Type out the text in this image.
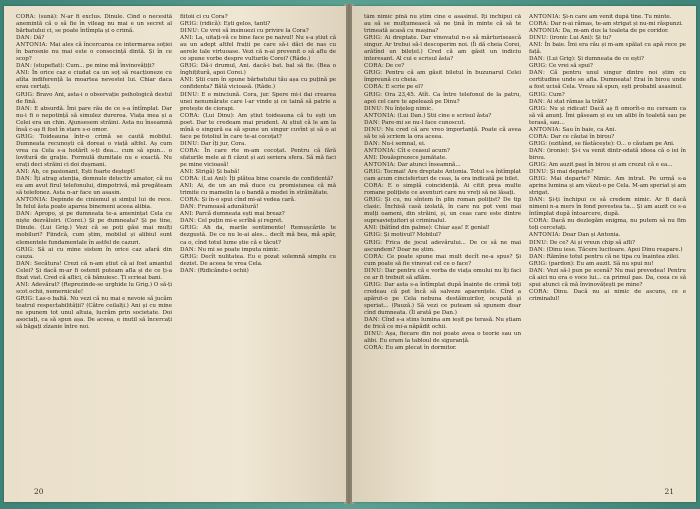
CORA: (sună): N-ar fi exclus. Dinule. Cînd o necesită anemintă că o să fie în vileag nu mai e un secret al bărbatului ci, se poate întîmpla și o crimă.

DAN: Dă?

ANTONIA: Mai ales că încercarea ce intermarea soției în barosnie nu mai este o consecință dintă. Și în ce scop?

DAN: (stupefiat): Cum... pe mine mă învinovățiți?

ANI: În orice caz e ciudat ca un soț să reacționeze cu atîta indiferență la moartea nevestei lui. Chiar daca erau certați.

GRIG: Bravo Ani, asta-i o observație psihologică destul de fină.

DAN: E absurdă. Îmi pare rău de ce s-a întîmplat. Dar nu-i fi o nepotință să simulez durerea. Viața mea și a Celei era un chin. Ajunsesem străini. Asta nu înseamnă însă c-aș fi fost în stare s-o omor.

GRIG: Toideauna într-o crimă se caută mobilul. Dumneata recunoști că doreai o viață altfel. Aș cum vrea ca Cela s-a hotărît s-ți dea... cum să spun... o lovitură de grație. Formulă dumitale nu e exactă. Nu erați deci străini ci doi dușmani.

ANI: Ah, ce pasionant, Ești foarte deștept!

DAN: Îți atrag atenția, domnule detectiv amator, că nu eu am avut firul telefonului, dimpotrivă, mă pregăteam să telefonez. Asta n-ar face un asasin.

ANTONIA: Depinde de cinismul și simțul lui de rece. În felul ăsta poate aparea binemeni aceea alibia.

DAN: Apropo, și pe dumneata te-a amenințat Cela cu niște dezvăluiri. (Corei.) Și pe dumneata? Și pe tine, Dinule. (Lui Grig.) Vezi că se poți găsi mai mulți mobiluri? Fiindcă, cum știm, mobilul și alibiul sunt elementele fundamentale în astfel de cazuri.

GRIG: Să ai cu mine sistem în orice caz afară din cauza.

DAN: Secătura! Crezi că n-am știut că ai fost amantul Celei? Și dacă m-ar fi ostenit puteam afla și de ce ți-a fixat viat. Cred că aflici, că bănuiesc. Ți scrieai bani.

ANI: Adevărat? (Reprezinde-se urghide lu Grig.) O să-ți scot ochii, nemernicule!

GRIG: Las-o baltă. Nu vezi că nu mai e nevoie să jucăm teatrul respectabilității? (Către ceilalți.) Ani și cu mine ne spunem tot unul altuia, lucrăm prin societate. Doi asociați, ca să spun așa. De aceea, e inutil să încercați să băgați zîzanie între noi.

fiitoii ci cu Cora?

GRIG: (ridică): Ești gelos, tanti?

DINU: Ce vrei să insinuezi cu privire la Cora?

ANI: La, uitați-vă ce bine face pe naivul! Nu s-a știut că au un adept altfel frații pe care să-i dăci de nas cu aerele tale virtuoase. Vezi că n-ai prevenit o să aflu de ce spune vorbe despre vulturile Corei? (Râde.)

GRIG: Dă-i drumul, Ani. dacă-i bat. bal să fie. (Bea o înghițitură, apoi Corei.)

ANI: Știi cum în spune bărbatului tău așa cu puțină pe confidenta? Bătă vicioasă. (Râde.)

DINU: E o minciună. Cora, jur. Spere mi-i dai crearea unei nenumărate care l-ar vinde și ce taină să patrie a pretește de ciorapi.

CORA: (Lui Dinu): Am știut toideauna că tu ești un poet. Dar te credeam mai prudent. Ai știut că le am la mînă o singură ea să spune un singur cuvînt și să o ai face pe fotoliul în care te-ai cocoțat?

DINU: Dar îți jur, Cora.

CORA: În care rte m-am cocoțat. Pentru că fără sfaturile mele ai fi căzut și azi seriera sfera. Să mă faci pe mine vicioasă!

ANI: Strigă) Și babă!

CORA: (Lui Ani): Îți plătea bine coarele de confidentă?

ANI: Ai, de un an mă duce cu promisiunea că mă trimite cu mamelin la o bandă a modei în străinătate.

CORA: Și în-o spui cînd mi-ai vedea cară.

DAN: Frumoasă adunătură!

ANI: Parcă dumneata ești mai breaz?

DAN: Cel puțin mi-e scrîbă și regret.

GRIG: Ah da, marile sentimente! Remușcările te dezgustă. De ce nu le-ai ales... decît mă bea, mă apăr, ca o, cînd totul lume știe că e tăcut?

DAN: Nu mi se poate imputa nimic.

GRIG: Decît nulitatea. Eu e pozat solemnă simplu cu dezist. De aceea te vrea Cela.

DAN: (Ridicăndu-i ochii)

20

tăm nimic pînă nu știm cine e asasinul. Iți închipui că au să se mulțumească să ne țină în minte că să te trimeată acasă cu mașina?

GRIG: Ai dreptate. Dar vinovatul n-o să mărturisească singur. Ar trebui să-l descoperim noi. (Îi dă cheia Corei, arătînd un bilețel.) Cred că am găsit un indiciu interesant. Al cui e scrisul ăsta?

CORA: De ce?

GRIG: Pentru că am găsit biletul în buzunarul Celei împreună cu cheia.

CORA: E scrie pe el?

GRIG: Ora 23,45. Atît. Ca între telefonul de la patru, apoi cel care te apelează pe Dinu?

DINU: Nu înțeleg nimic.

ANTONIA: (Lui Dan.) Știi cine e scrisul ăsta?

DAN: Pare-mi se nu-l face cunoscut.

DINU: Nu cred că are vreo importanță. Poate că avea să te să scriem la ora aceea.

DAN: Nu-i semnal, ei.

ANTONIA: Cît e ceasul acum?

ANI: Douăsprezece jumătate.

ANTONIA: Dar atunci înseamnă...

GRIG: Tocmai! Are dreptate Antonia. Totul s-a întîmplat cam acum cincisferturi de ceas, la ora indicată pe bilet.

CORA: E o simplă coincidență. Ai citit prea multe romane polițiste ce aventuri care nu vreți să ne lăsați.

GRIG: Și cu, nu sîntem în plin roman polițist? De tip clasic. Închisă casă izolată, în care nu pot veni mai mulți oameni, din străini, și, un ceas care este dintre suprsaviețuitori și criminalul.

ANI: (bătînd din palme): Chiar așa! E genial!

GRIG: Și motivul? Mobilul?

GRIG: Frica de jocul adevărului... De ce să ne mai ascundem? Doar ne știm.

CORA: Ce poate spune mai mult decît ne-a spus? Și cum poate să fie vinovat cel ce o face?

DINU: Dar pentru că e vorba de viața omului nu îți faci ce ar fi trebuit să aflăm.

GRIG: Dar asta s-a întîmplat după înainte de crimă toți credeau că pot încă să salveze aparențele. Cînd a apărut-o pe Cela nebuna destăinuirilor, ocupată și speriat... (Pauză.) Să vezi ce puteam să spunem doar cînd dumneata. (Îl arată pe Dan.)

DAN: Cînd s-a stins lumina am ieșit pe terasă. Nu știam de frică ce mi-a năpădit ochii.

DINU: Așa, fiecare din noi poate avea o teorie sau un alibi. Eu eram la tabloul de siguranță.

CORA: Eu am plecat în dormitor.

ANTONIA: Și-n care am venit după tine. Tu minte.

CORA: Dar n-ai rămas, te-am strigat și nu-mi răspunzi.

ANTONIA: Da, m-am dus la toaleta de pe coridor.

DINU: (ironic Lui Ani): Și tu?

ANI: În baie. Îmi era rău și m-am spălat cu apă rece pe față.

DAN: (Lui Grig): Și dumneata de ce ești?

GRIG: Ce vrei să spui?

DAN: Că pentru unul singur dintre noi știm cu certitudine unde se afla. Dumneata! Erai în birou unde a fost ucisă Cela. Vreau să spun, ești probabil asasinul.

GRIG: Cum?

DAN: Ai stat rămas la trăit?

GRIG: Nu și ridicat! Dacă aș fi omorît-o nu ceream ca să vă anunț. Îmi găseam și eu un alibi în toaletă sau pe terasă, sau...

ANTONIA: Sau în baie, ca Ani.

CORA: Dar ce căutai în birou?

GRIG: (ezitând, se fâstâcește): O... o căutam pe Ani.

DAN: (ironie): Și-i va venit dintr-odată ideea că o iei în birou.

GRIG: Am auzit pași în birou și am crezut că e ea...

DINU: Și mai departe?

GRIG: Mai departe? Nimic. Am intrat. Pe urmă s-a aprins lumina și am văzut-o pe Cela. M-am speriat și am strigat.

DAN: Și-ți închipui ce să credem nimic. Ar fi dacă nimeni n-a mers în fond povestea ta... Și am auzit ce s-a întîmplat după întoarcere, după.

CORA: Dacă nu dezlegăm enigma, nu putem să nu fim toți cercetați.

ANTONIA: Doar Dan și Antonia.

DINU: De ce? Ai și vreun chip să afli?

DAN: (Dinu iese. Tăcere lucitoare. Apoi Dinu reapare.)

DAN: Rămîne totul pentru că ne tipa cu înaintea zilei.

GRIG: (pardon): Eu am auzit. Să nu spui nu!

DAN: Vezi să-l pun pe scenă? Nu mai prevedea! Pentru că aici nu era o voce lui... ca primul pas. Da, ceea ce să spui atunci că mă învinovățești pe mine?

CORA: Dinu. Dacă nu ai nimic de ascuns, ce e criminalul!

21
